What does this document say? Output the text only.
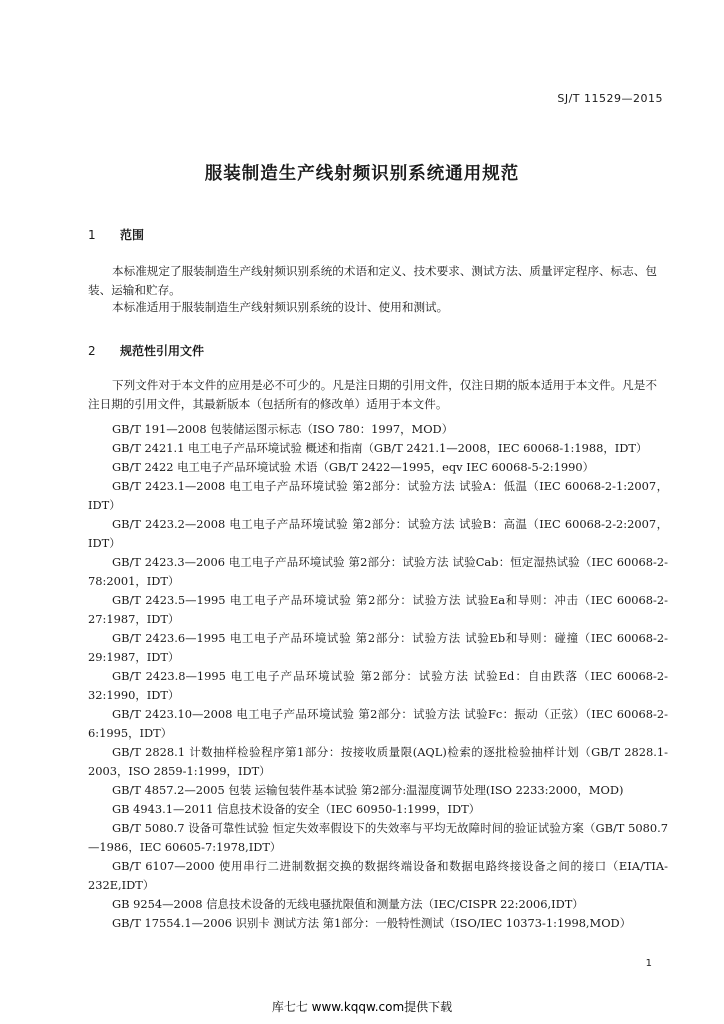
SJ/T 11529—2015
服装制造生产线射频识别系统通用规范
1 范围

本标准规定了服装制造生产线射频识别系统的术语和定义、技术要求、测试方法、质量评定程序、标志、包装、运输和贮存。

本标准适用于服装制造生产线射频识别系统的设计、使用和测试。

2 规范性引用文件

下列文件对于本文件的应用是必不可少的。凡是注日期的引用文件，仅注日期的版本适用于本文件。凡是不注日期的引用文件，其最新版本（包括所有的修改单）适用于本文件。

GB/T 191—2008 包装储运图示标志（ISO 780：1997，MOD）
GB/T 2421.1 电工电子产品环境试验 概述和指南（GB/T 2421.1—2008，IEC 60068-1:1988，IDT）
GB/T 2422 电工电子产品环境试验 术语（GB/T 2422—1995，eqv IEC 60068-5-2:1990）
GB/T 2423.1—2008 电工电子产品环境试验 第2部分：试验方法 试验A：低温（IEC 60068-2-1:2007，IDT）
GB/T 2423.2—2008 电工电子产品环境试验 第2部分：试验方法 试验B：高温（IEC 60068-2-2:2007，IDT）
GB/T 2423.3—2006 电工电子产品环境试验 第2部分：试验方法 试验Cab：恒定湿热试验（IEC 60068-2-78:2001，IDT）
GB/T 2423.5—1995 电工电子产品环境试验 第2部分：试验方法 试验Ea和导则：冲击（IEC 60068-2-27:1987，IDT）
GB/T 2423.6—1995 电工电子产品环境试验 第2部分：试验方法 试验Eb和导则：碰撞（IEC 60068-2-29:1987，IDT）
GB/T 2423.8—1995 电工电子产品环境试验 第2部分：试验方法 试验Ed：自由跌落（IEC 60068-2-32:1990，IDT）
GB/T 2423.10—2008 电工电子产品环境试验 第2部分：试验方法 试验Fc：振动（正弦）（IEC 60068-2-6:1995，IDT）
GB/T 2828.1 计数抽样检验程序第1部分：按接收质量限(AQL)检索的逐批检验抽样计划（GB/T 2828.1-2003，ISO 2859-1:1999，IDT）
GB/T 4857.2—2005 包装 运输包装件基本试验 第2部分:温湿度调节处理(ISO 2233:2000，MOD)
GB 4943.1—2011 信息技术设备的安全（IEC 60950-1:1999，IDT）
GB/T 5080.7 设备可靠性试验 恒定失效率假设下的失效率与平均无故障时间的验证试验方案（GB/T 5080.7—1986，IEC 60605-7:1978,IDT）
GB/T 6107—2000 使用串行二进制数据交换的数据终端设备和数据电路终接设备之间的接口（EIA/TIA-232E,IDT）
GB 9254—2008 信息技术设备的无线电骚扰限值和测量方法（IEC/CISPR 22:2006,IDT）
GB/T 17554.1—2006 识别卡 测试方法 第1部分：一般特性测试（ISO/IEC 10373-1:1998,MOD）
1
库七七 www.kqqw.com提供下载
